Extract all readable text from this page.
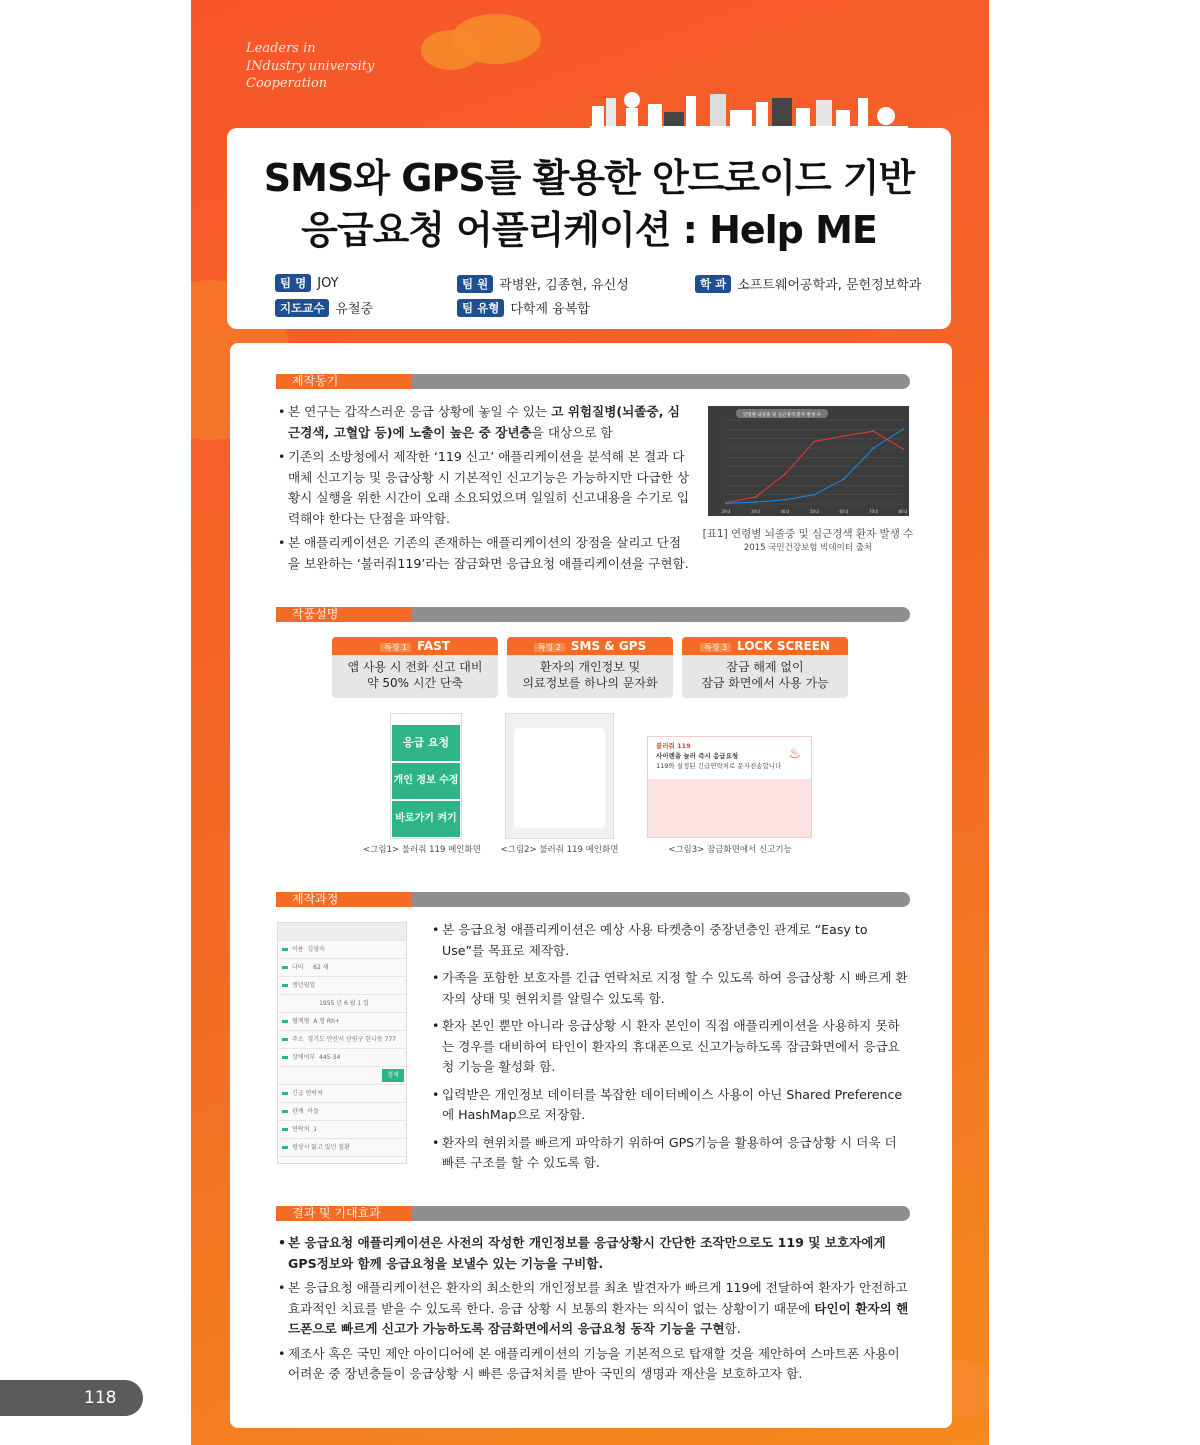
Leaders in
INdustry university
Cooperation
SMS와 GPS를 활용한 안드로이드 기반
응급요청 어플리케이션 : Help ME
팀 명 JOY	팀 원 곽병완, 김종현, 유신성	학 과 소프트웨어공학과, 문헌정보학과
지도교수 유철중	팀 유형 다학제 융복합
제작동기
• 본 연구는 갑작스러운 응급 상황에 놓일 수 있는 고 위험질병(뇌졸중, 심근경색, 고혈압 등)에 노출이 높은 중 장년층을 대상으로 함
• 기존의 소방청에서 제작한 ‘119 신고’ 애플리케이션을 분석해 본 결과 다매체 신고기능 및 응급상황 시 기본적인 신고기능은 가능하지만 다급한 상황시 실행을 위한 시간이 오래 소요되었으며 일일히 신고내용을 수기로 입력해야 한다는 단점을 파악함.
• 본 애플리케이션은 기존의 존재하는 애플리케이션의 장점을 살리고 단점을 보완하는 ‘불러줘119’라는 잠금화면 응급요청 애플리케이션을 구현함.
연령별 뇌졸중 및 심근경색 환자 발생 수
20대	30대	40대	50대	60대	70대	80대
[표1] 연령별 뇌졸중 및 심근경색 환자 발생 수
2015 국민건강보험 빅데이터 출처
작품설명
특징 1 FAST
앱 사용 시 전화 신고 대비
약 50% 시간 단축
특징 2 SMS & GPS
환자의 개인정보 및
의료정보를 하나의 문자화
특징 3 LOCK SCREEN
잠금 해제 없이
잠금 화면에서 사용 가능
응급 요청
개인 정보 수정
바로가기 켜기
<그림1> 불러줘 119 메인화면	<그림2> 불러줘 119 메인화면
불러줘 119
사이렌을 눌러 즉시 응급요청
119와 설정된 긴급연락처로 문자전송합니다
♨
<그림3> 잠금화면에서 신고기능
제작과정
이름 김영숙
나이 62 세
생년월일
1955 년 6 월 1 일
혈액형 A 형 Rh+
주소 경기도 안산시 단원구 한나동 777
장애여부 445-34
검색
긴급 연락처
관계 아들
연락처 1
평상시 앓고 있던 질환
• 본 응급요청 애플리케이션은 예상 사용 타켓층이 중장년층인 관계로 “Easy to Use”를 목표로 제작함.
• 가족을 포함한 보호자를 긴급 연락처로 지정 할 수 있도록 하여 응급상황 시 빠르게 환자의 상태 및 현위치를 알릴수 있도록 함.
• 환자 본인 뿐만 아니라 응급상황 시 환자 본인이 직접 애플리케이션을 사용하지 못하는 경우를 대비하여 타인이 환자의 휴대폰으로 신고가능하도록 잠금화면에서 응급요청 기능을 활성화 함.
• 입력받은 개인정보 데이터를 복잡한 데이터베이스 사용이 아닌 Shared Preference에 HashMap으로 저장함.
• 환자의 현위치를 빠르게 파악하기 위하여 GPS기능을 활용하여 응급상황 시 더욱 더 빠른 구조를 할 수 있도록 함.
결과 및 기대효과
• 본 응급요청 애플리케이션은 사전의 작성한 개인정보를 응급상황시 간단한 조작만으로도 119 및 보호자에게 GPS정보와 함께 응급요청을 보낼수 있는 기능을 구비함.
• 본 응급요청 애플리케이션은 환자의 최소한의 개인정보를 최초 발견자가 빠르게 119에 전달하여 환자가 안전하고 효과적인 치료를 받을 수 있도록 한다. 응급 상황 시 보통의 환자는 의식이 없는 상황이기 때문에 타인이 환자의 핸드폰으로 빠르게 신고가 가능하도록 잠금화면에서의 응급요청 동작 기능을 구현함.
• 제조사 혹은 국민 제안 아이디어에 본 애플리케이션의 기능을 기본적으로 탑재할 것을 제안하여 스마트폰 사용이 어려운 중 장년층들이 응급상황 시 빠른 응급처치를 받아 국민의 생명과 재산을 보호하고자 함.
118
